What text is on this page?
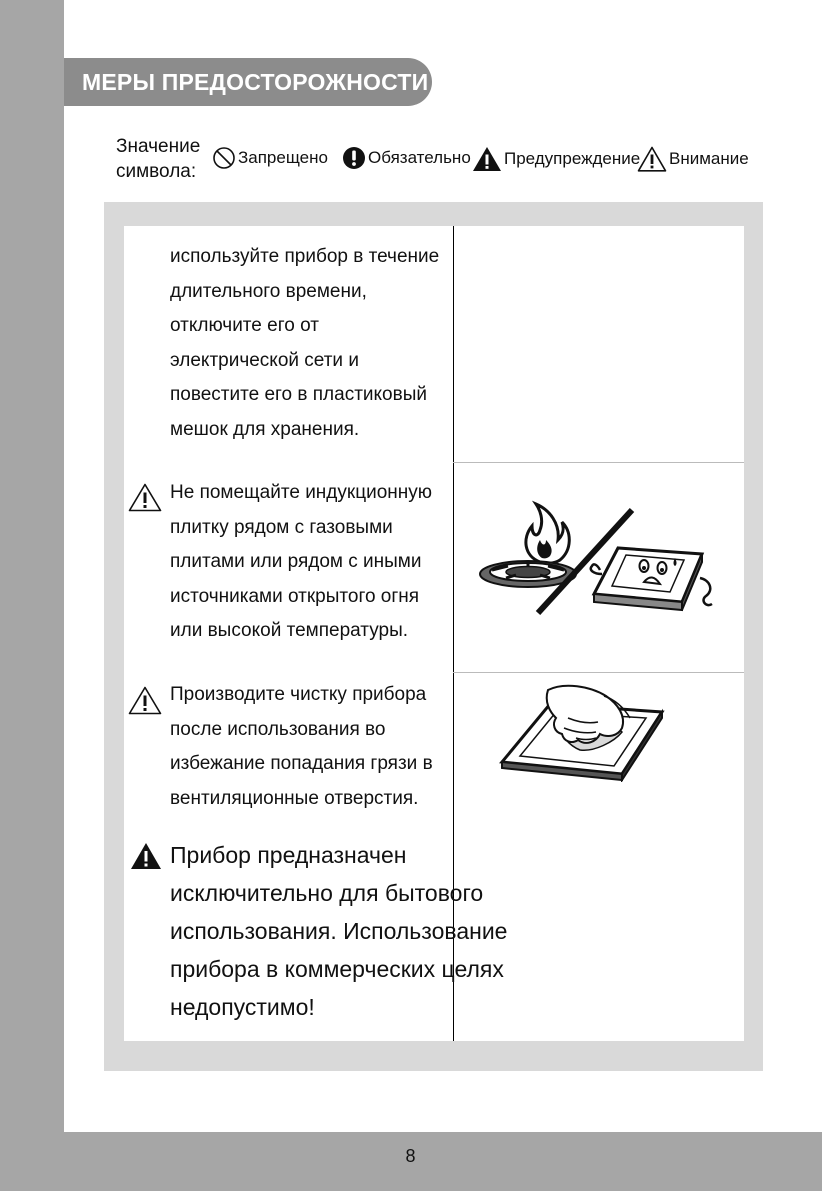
8
МЕРЫ ПРЕДОСТОРОЖНОСТИ
Значение
символа:
Запрещено Обязательно Предупреждение Внимание
используйте прибор в течение
длительного времени,
отключите его от
электрической сети и
повестите его в пластиковый
мешок для хранения.
Не помещайте индукционную
плитку рядом с газовыми
плитами или рядом с иными
источниками открытого огня
или высокой температуры.
Производите чистку прибора
после использования во
избежание попадания грязи в
вентиляционные отверстия.
Прибор предназначен
исключительно для бытового
использования. Использование
прибора в коммерческих целях
недопустимо!
